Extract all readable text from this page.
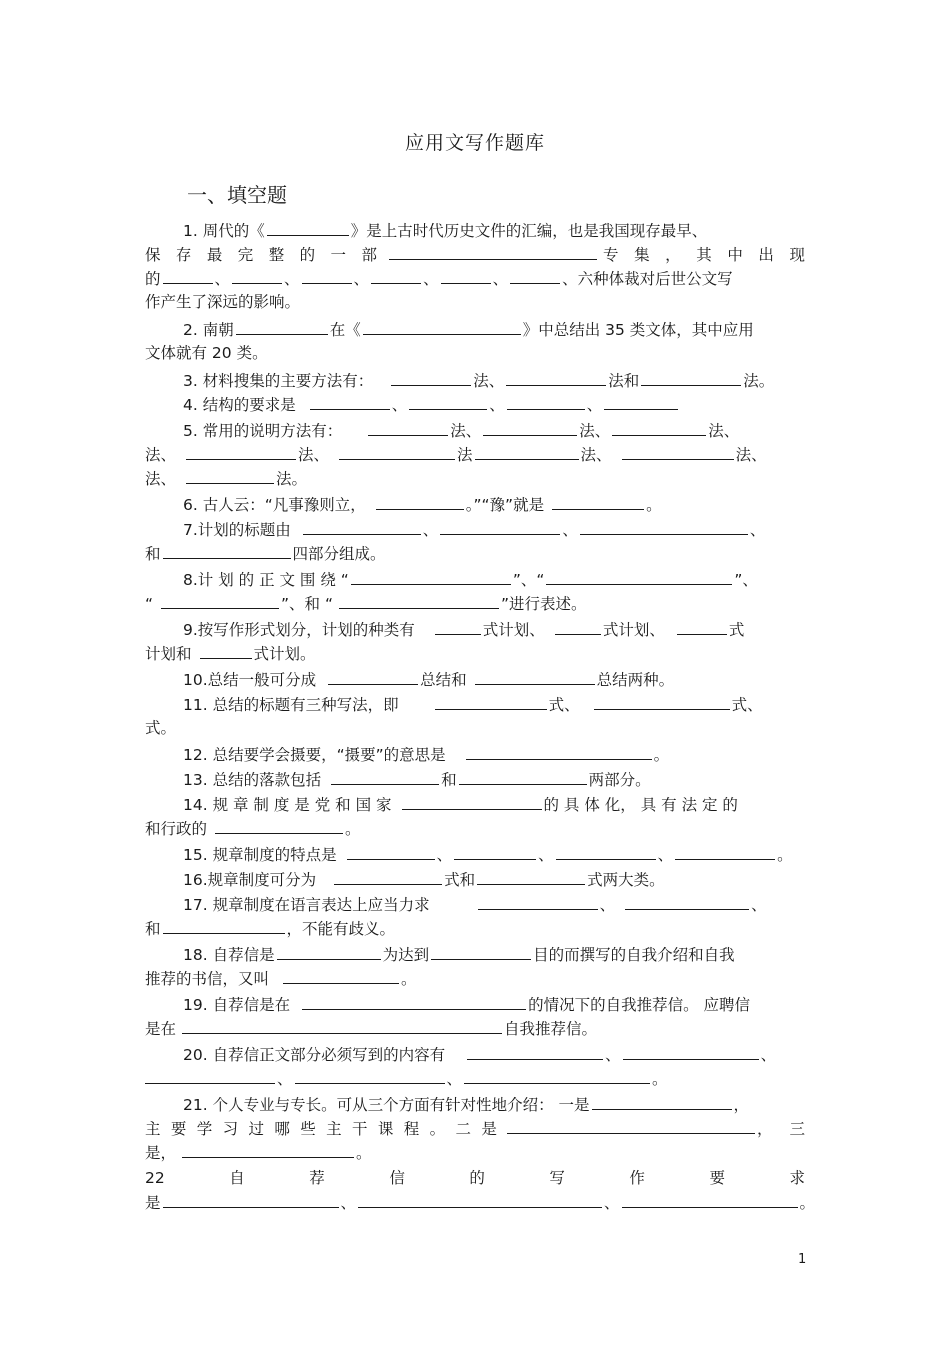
应用文写作题库
一、填空题
1. 周代的《	》是上古时代历史文件的汇编，也是我国现存最早、
保 存 最 完 整 的 一 部	专 集 ， 其 中 出 现
的	、	、	、	、	、	、六种体裁对后世公文写
作产生了深远的影响。
2. 南朝	在《	》中总结出 35 类文体，其中应用
文体就有 20 类。
3. 材料搜集的主要方法有：	法、	法和	法。
4. 结构的要求是	、	、	、
5. 常用的说明方法有：	法、	法、	法、
法、	法、	法	法、	法、
法、	法。
6. 古人云：“凡事豫则立，	。”“豫”就是	。
7.计划的标题由	、	、	、
和	四部分组成。
8.计 划 的 正 文 围 绕 “	”、“	”、
“	”、和 “	”进行表述。
9.按写作形式划分，计划的种类有	式计划、	式计划、	式
计划和	式计划。
10.总结一般可分成	总结和	总结两种。
11. 总结的标题有三种写法，即	式、	式、
式。
12. 总结要学会摄要，“摄要”的意思是	。
13. 总结的落款包括	和	两部分。
14. 规 章 制 度 是 党 和 国 家	的 具 体 化， 具 有 法 定 的
和行政的	。
15. 规章制度的特点是	、	、	、	。
16.规章制度可分为	式和	式两大类。
17. 规章制度在语言表达上应当力求	、	、
和	，不能有歧义。
18. 自荐信是	为达到	目的而撰写的自我介绍和自我
推荐的书信，又叫	。
19. 自荐信是在	的情况下的自我推荐信。 应聘信
是在	自我推荐信。
20. 自荐信正文部分必须写到的内容有	、	、
、	、	。
21. 个人专业与专长。可从三个方面有针对性地介绍： 一是	，
主 要 学 习 过 哪 些 主 干 课 程 。 二 是	， 三
是，	。
22	自	荐	信	的	写	作	要	求
是	、	、	。
1
